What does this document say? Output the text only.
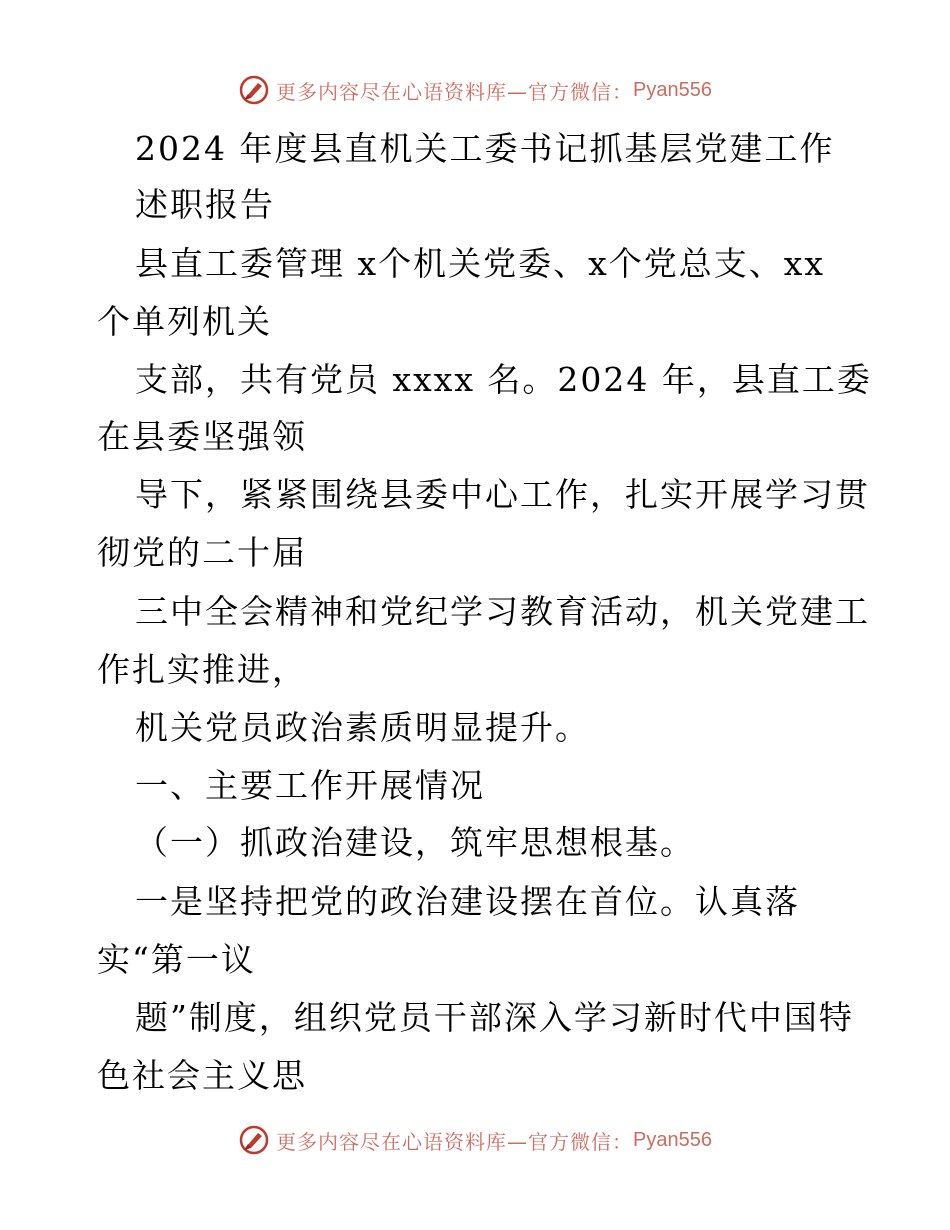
更多内容尽在心语资料库—官方微信： Pyan556
2024 年度县直机关工委书记抓基层党建工作
述职报告
县直工委管理 x个机关党委、x个党总支、xx
个单列机关
支部，共有党员 xxxx 名。2024 年，县直工委
在县委坚强领
导下，紧紧围绕县委中心工作，扎实开展学习贯
彻党的二十届
三中全会精神和党纪学习教育活动，机关党建工
作扎实推进，
机关党员政治素质明显提升。
一、主要工作开展情况
（一）抓政治建设，筑牢思想根基。
一是坚持把党的政治建设摆在首位。认真落
实“第一议
题”制度，组织党员干部深入学习新时代中国特
色社会主义思
更多内容尽在心语资料库—官方微信： Pyan556
